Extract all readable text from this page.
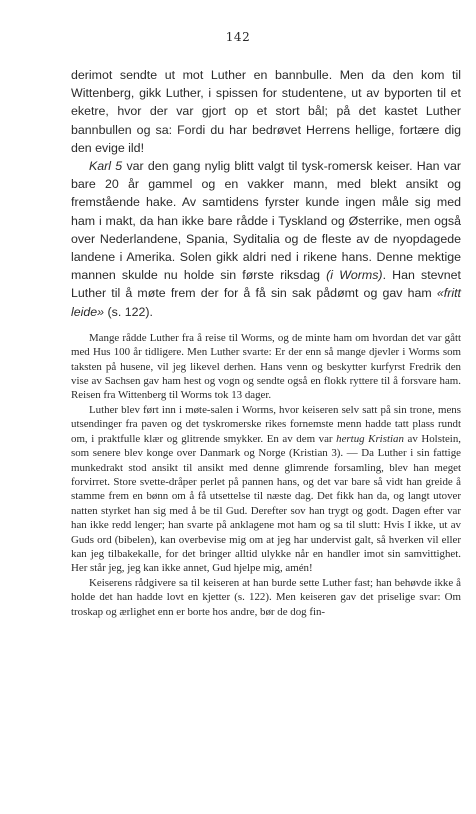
142

derimot sendte ut mot Luther en bannbulle. Men da den kom til Wittenberg, gikk Luther, i spissen for studentene, ut av byporten til et eketre, hvor der var gjort op et stort bål; på det kastet Luther bannbullen og sa: Fordi du har bedrøvet Herrens hellige, fortære dig den evige ild!

Karl 5 var den gang nylig blitt valgt til tysk-romersk keiser. Han var bare 20 år gammel og en vakker mann, med blekt ansikt og fremstående hake. Av samtidens fyrster kunde ingen måle sig med ham i makt, da han ikke bare rådde i Tyskland og Østerrike, men også over Nederlandene, Spania, Syditalia og de fleste av de nyopdagede landene i Amerika. Solen gikk aldri ned i rikene hans. Denne mektige mannen skulde nu holde sin første riksdag (i Worms). Han stevnet Luther til å møte frem der for å få sin sak pådømt og gav ham «fritt leide» (s. 122).

Mange rådde Luther fra å reise til Worms, og de minte ham om hvordan det var gått med Hus 100 år tidligere. Men Luther svarte: Er der enn så mange djevler i Worms som taksten på husene, vil jeg likevel derhen. Hans venn og beskytter kurfyrst Fredrik den vise av Sachsen gav ham hest og vogn og sendte også en flokk ryttere til å forsvare ham. Reisen fra Wittenberg til Worms tok 13 dager.

Luther blev ført inn i møte-salen i Worms, hvor keiseren selv satt på sin trone, mens utsendinger fra paven og det tyskromerske rikes fornemste menn hadde tatt plass rundt om, i praktfulle klær og glitrende smykker. En av dem var hertug Kristian av Holstein, som senere blev konge over Danmark og Norge (Kristian 3). — Da Luther i sin fattige munkedrakt stod ansikt til ansikt med denne glimrende forsamling, blev han meget forvirret. Store svette-dråper perlet på pannen hans, og det var bare så vidt han greide å stamme frem en bønn om å få utsettelse til næste dag. Det fikk han da, og langt utover natten styrket han sig med å be til Gud. Derefter sov han trygt og godt. Dagen efter var han ikke redd lenger; han svarte på anklagene mot ham og sa til slutt: Hvis I ikke, ut av Guds ord (bibelen), kan overbevise mig om at jeg har undervist galt, så hverken vil eller kan jeg tilbakekalle, for det bringer alltid ulykke når en handler imot sin samvittighet. Her står jeg, jeg kan ikke annet, Gud hjelpe mig, amén!

Keiserens rådgivere sa til keiseren at han burde sette Luther fast; han behøvde ikke å holde det han hadde lovt en kjetter (s. 122). Men keiseren gav det priselige svar: Om troskap og ærlighet enn er borte hos andre, bør de dog fin-
